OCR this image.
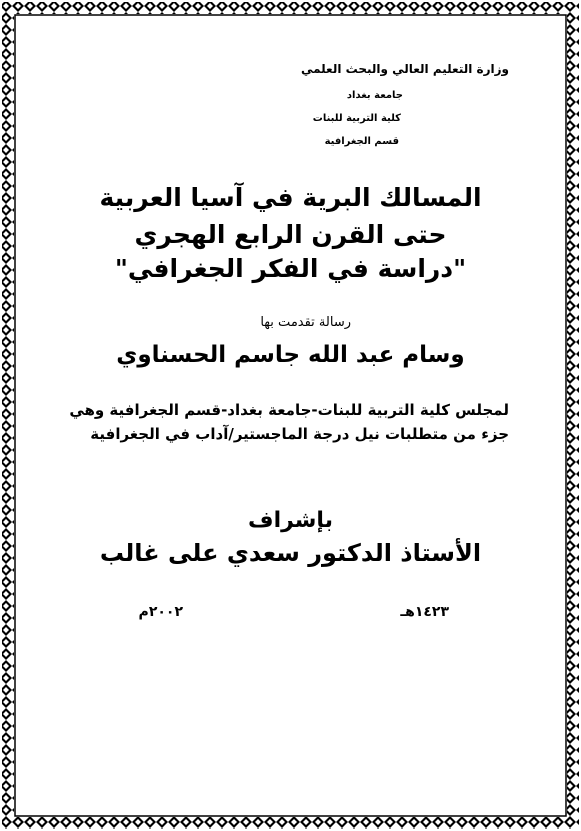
وزارة التعليم العالي والبحث العلمي
جامعة بغداد
كلية التربية للبنات
قسم الجغرافية
المسالك البرية في آسيا العربية
حتى القرن الرابع الهجري
"دراسة في الفكر الجغرافي"
رسالة تقدمت بها
وسام عبد الله جاسم الحسناوي
لمجلس كلية التربية للبنات-جامعة بغداد-قسم الجغرافية وهي
جزء من متطلبات نيل درجة الماجستير/آداب في الجغرافية
بإشراف
الأستاذ الدكتور سعدي على غالب
١٤٢٣هـ
٢٠٠٢م
